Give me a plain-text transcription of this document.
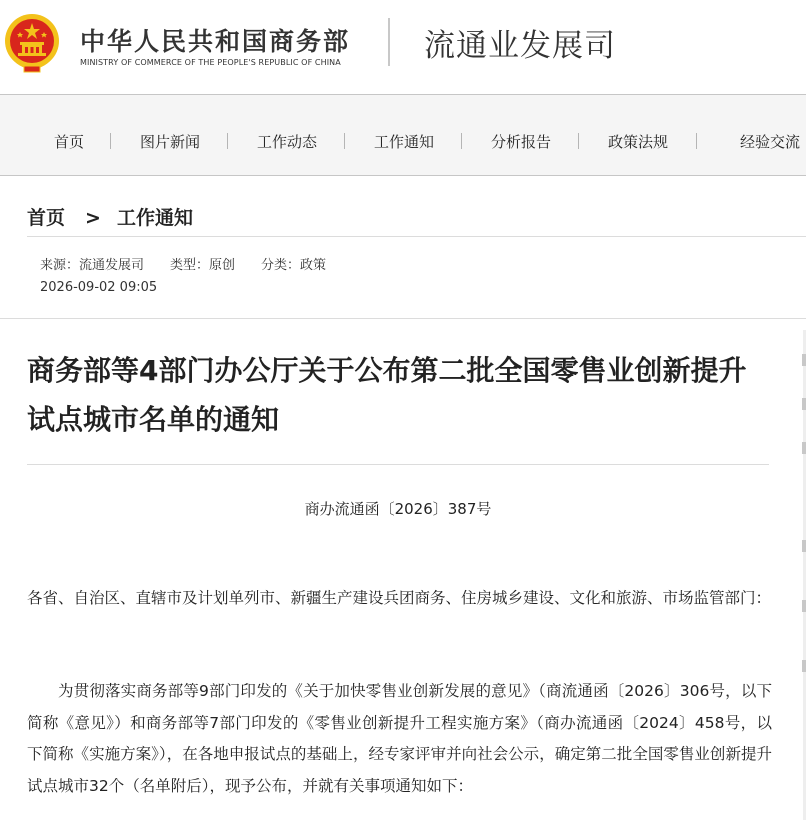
中华人民共和国商务部
MINISTRY OF COMMERCE OF THE PEOPLE'S REPUBLIC OF CHINA	流通业发展司
首页	图片新闻	工作动态	工作通知	分析报告	政策法规	经验交流
首页 > 工作通知
来源：流通发展司 类型：原创 分类：政策
2026-09-02 09:05
商务部等4部门办公厅关于公布第二批全国零售业创新提升试点城市名单的通知
商办流通函〔2026〕387号

各省、自治区、直辖市及计划单列市、新疆生产建设兵团商务、住房城乡建设、文化和旅游、市场监管部门：

为贯彻落实商务部等9部门印发的《关于加快零售业创新发展的意见》（商流通函〔2026〕306号，以下简称《意见》）和商务部等7部门印发的《零售业创新提升工程实施方案》（商办流通函〔2024〕458号，以下简称《实施方案》），在各地申报试点的基础上，经专家评审并向社会公示，确定第二批全国零售业创新提升试点城市32个（名单附后），现予公布，并就有关事项通知如下：
